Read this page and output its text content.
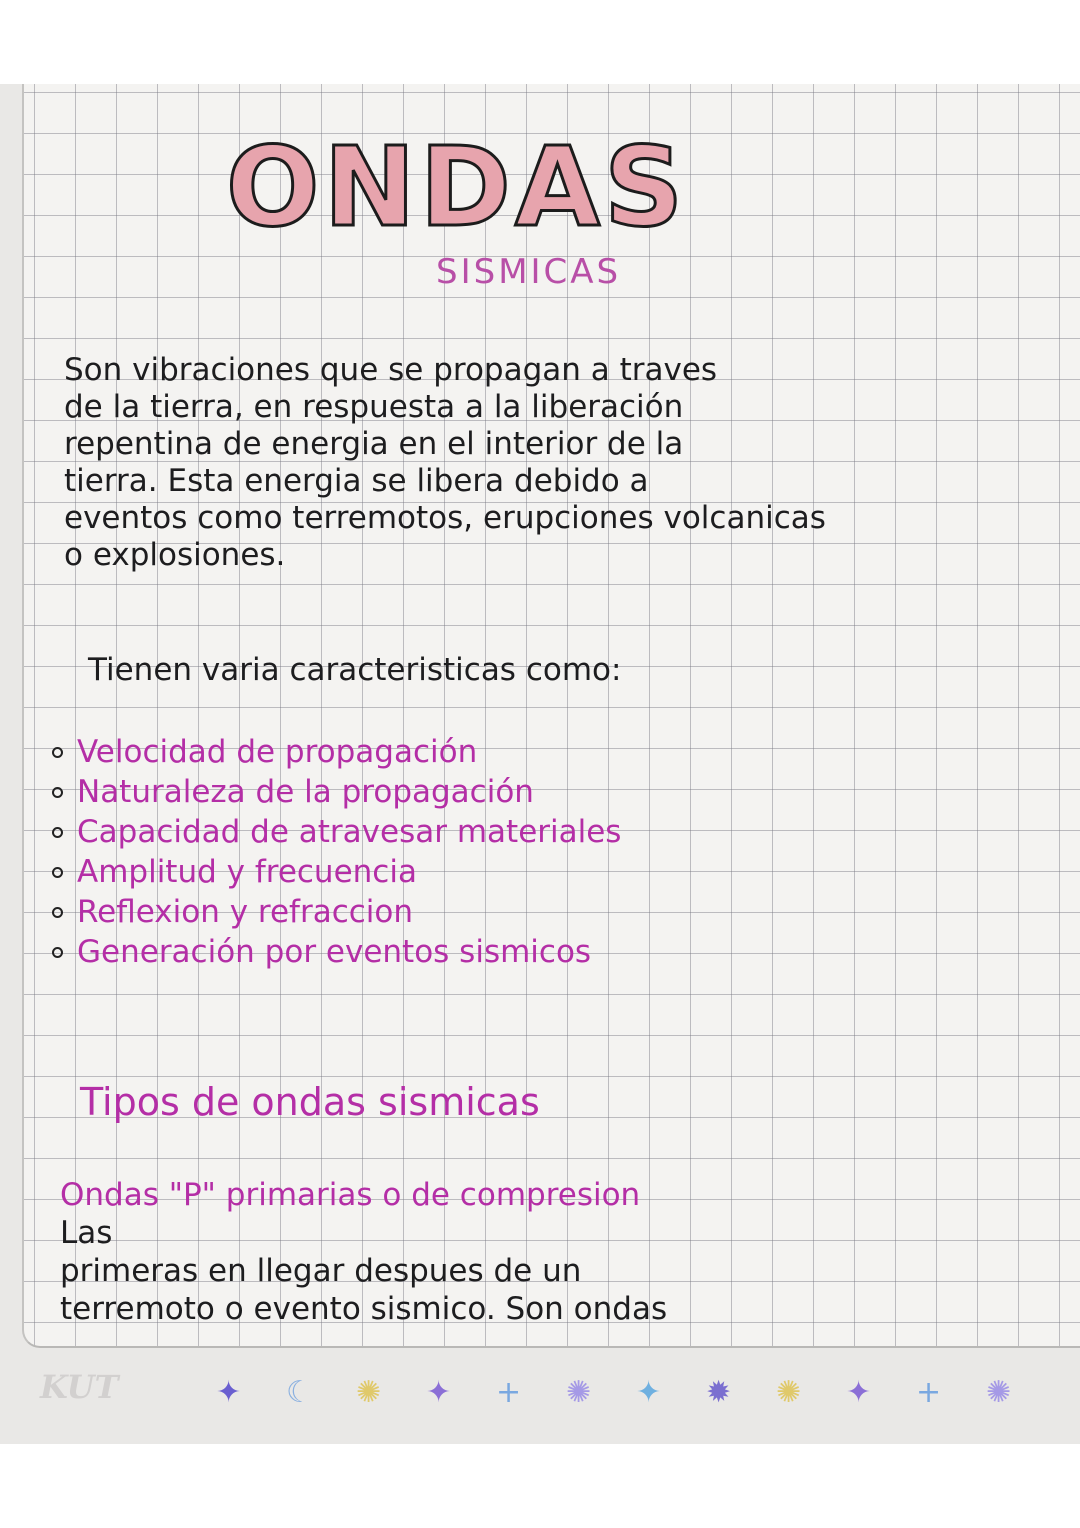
ONDAS
SISMICAS
Son vibraciones que se propagan a traves
de la tierra, en respuesta a la liberación
repentina de energia en el interior de la
tierra. Esta energia se libera debido a
eventos como terremotos, erupciones volcanicas
o explosiones.
Tienen varia caracteristicas como:
Velocidad de propagación
Naturaleza de la propagación
Capacidad de atravesar materiales
Amplitud y frecuencia
Reflexion y refraccion
Generación por eventos sismicos
Tipos de ondas sismicas
Ondas "P" primarias o de compresion
Las
primeras en llegar despues de un
terremoto o evento sismico. Son ondas
KUT	✦ ☾ ✺ ✦ + ✺ ✦ ✹ ✺ ✦ + ✺
